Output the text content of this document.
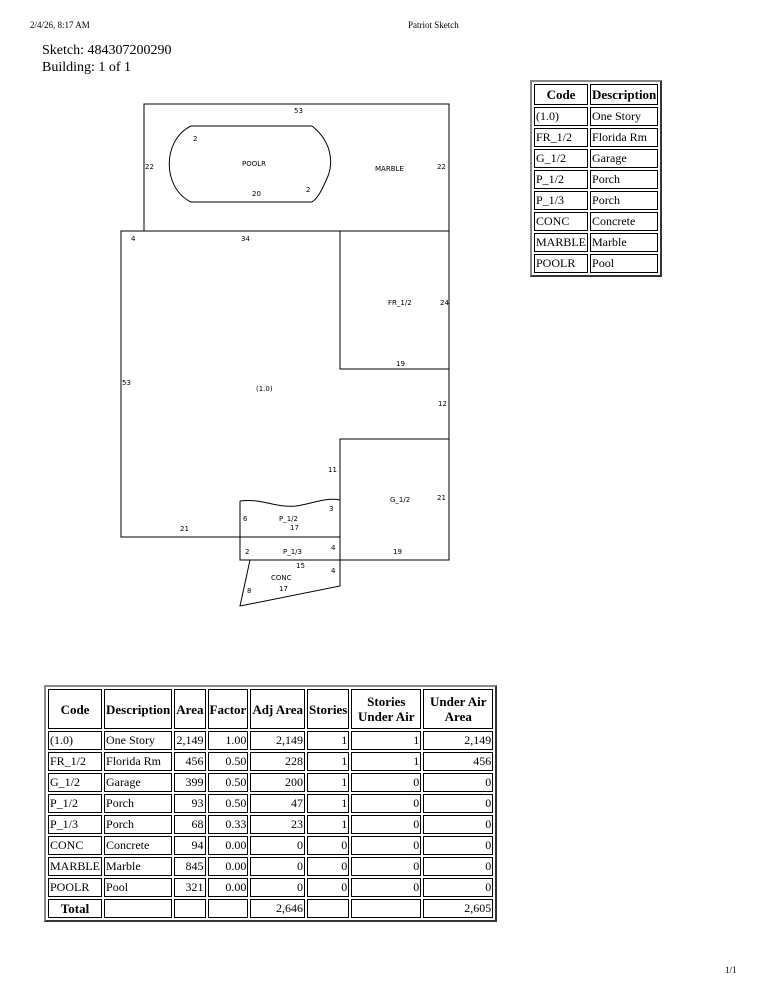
2/4/26, 8:17 AM	Patriot Sketch
Sketch: 484307200290
Building: 1 of 1
53
22	22
2
2
20
POOLR
MARBLE
4	34
FR_1/2	24
19
53
(1.0)
12
11
G_1/2	21
21
6
3
P_1/2
17
2	P_1/3	4	19
15
4
CONC
8	17
Code	Description
(1.0)	One Story
FR_1/2	Florida Rm
G_1/2	Garage
P_1/2	Porch
P_1/3	Porch
CONC	Concrete
MARBLE	Marble
POOLR	Pool
Code	Description	Area	Factor	Adj Area	Stories	Stories Under Air	Under Air Area
(1.0)	One Story	2,149	1.00	2,149	1	1	2,149
FR_1/2	Florida Rm	456	0.50	228	1	1	456
G_1/2	Garage	399	0.50	200	1	0	0
P_1/2	Porch	93	0.50	47	1	0	0
P_1/3	Porch	68	0.33	23	1	0	0
CONC	Concrete	94	0.00	0	0	0	0
MARBLE	Marble	845	0.00	0	0	0	0
POOLR	Pool	321	0.00	0	0	0	0
Total				2,646			2,605
1/1
